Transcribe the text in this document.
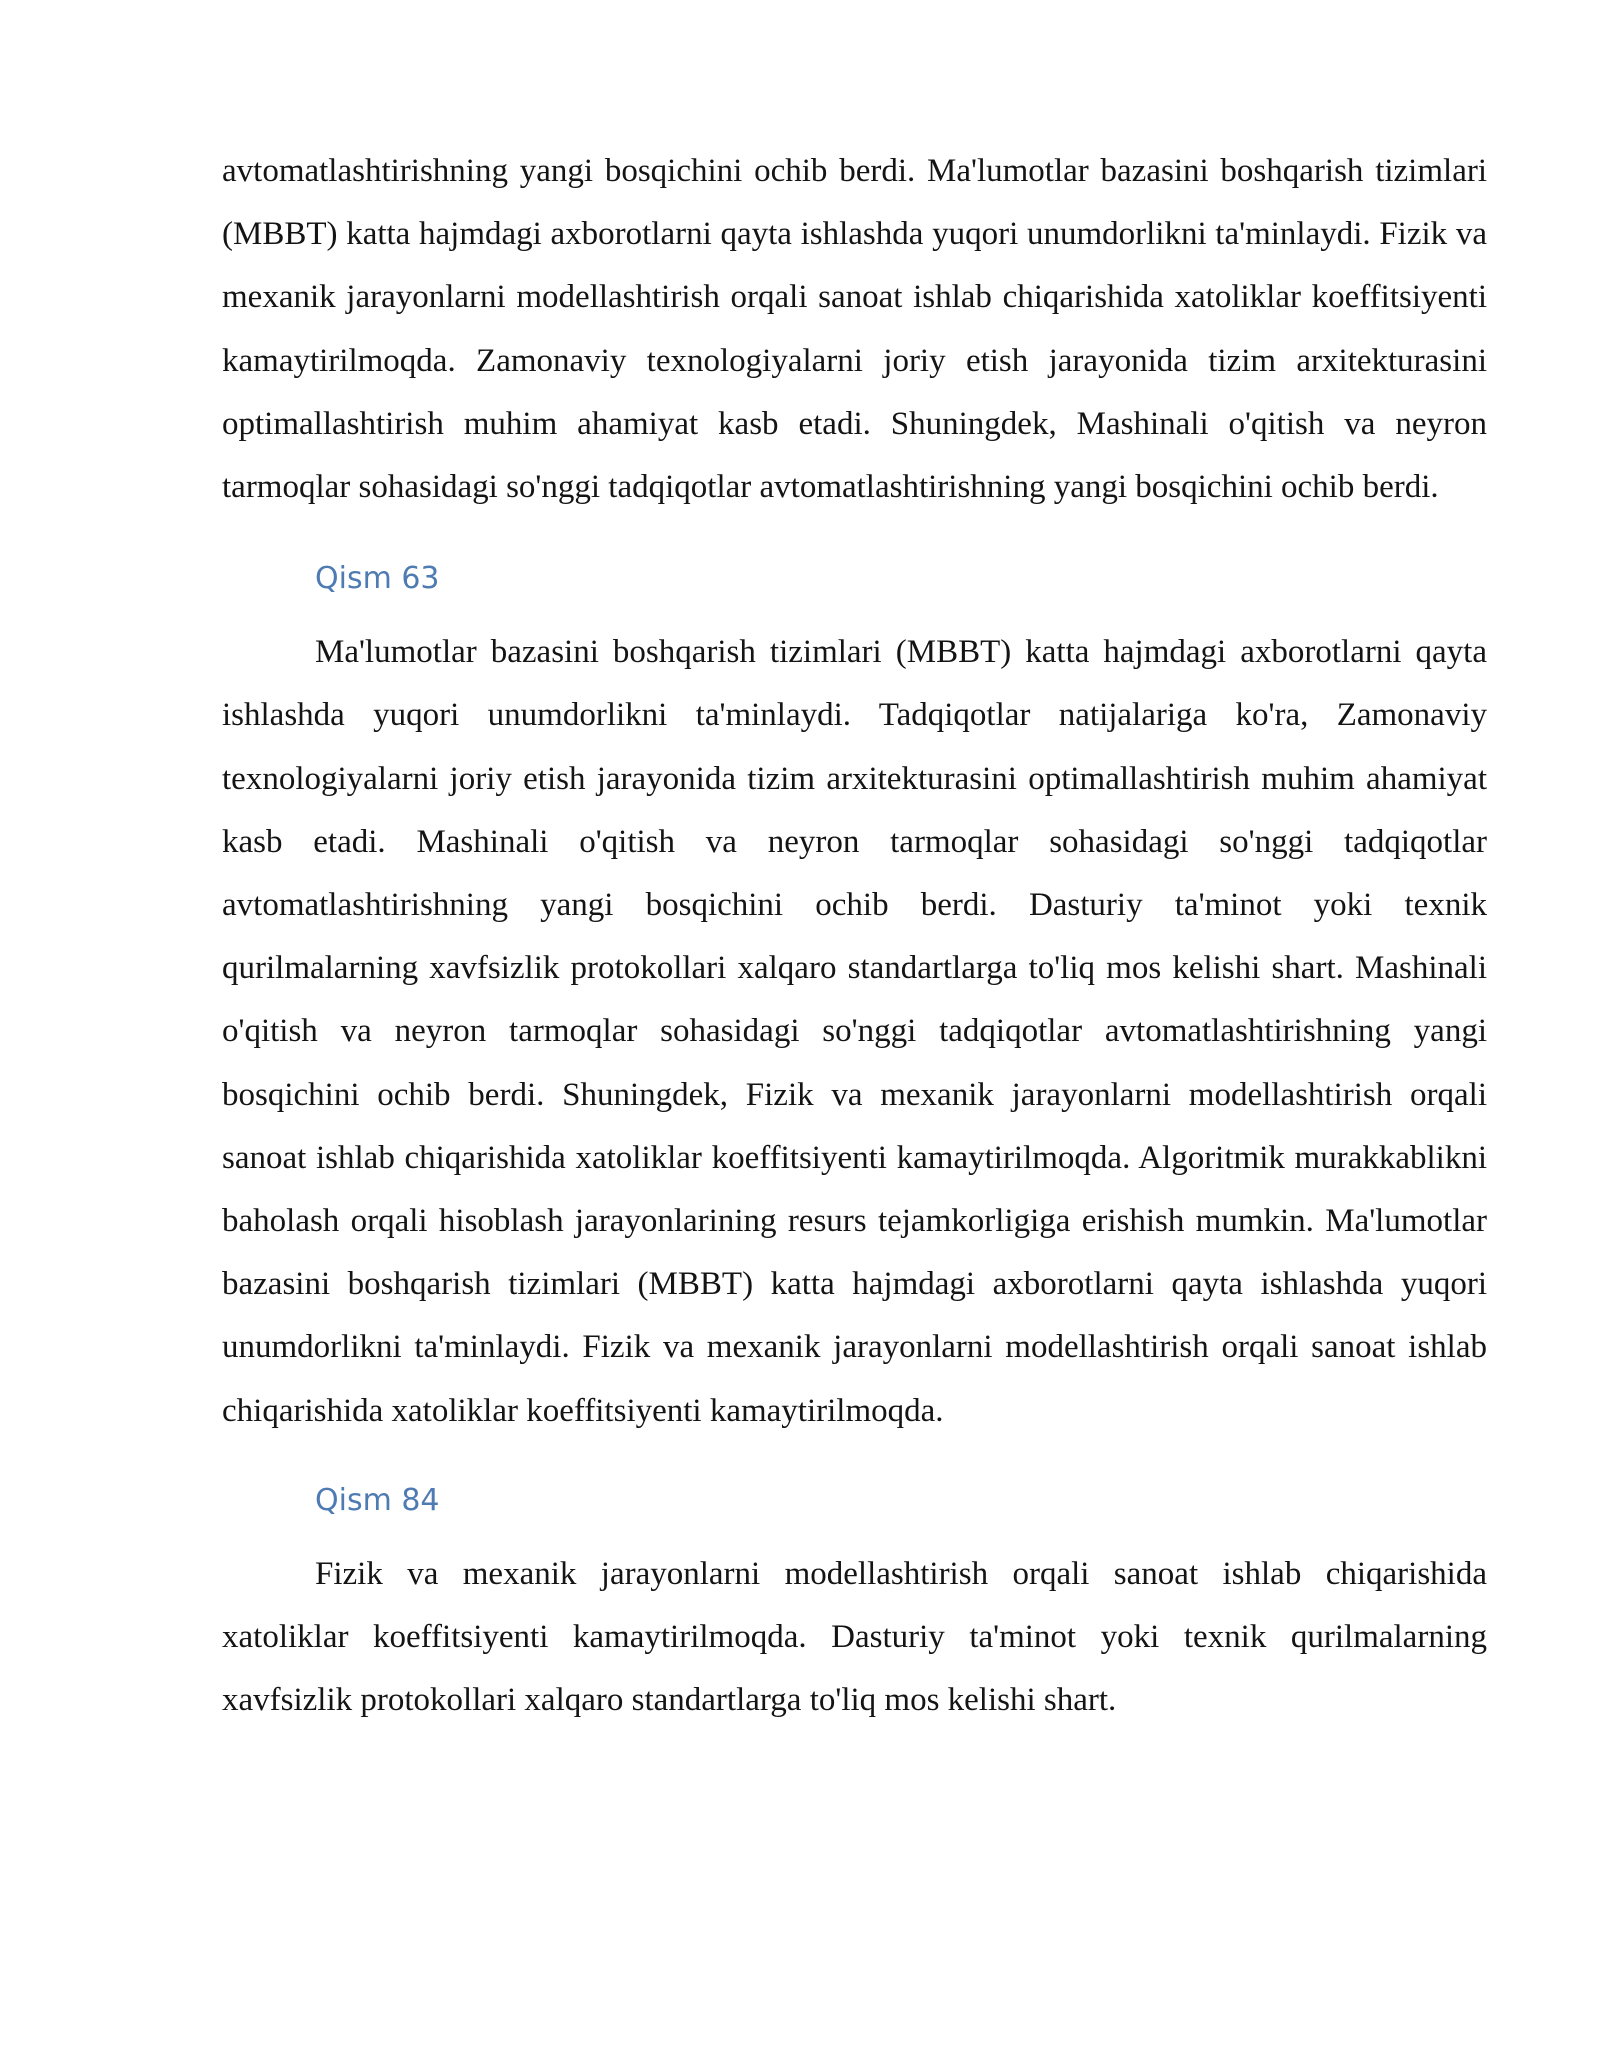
avtomatlashtirishning yangi bosqichini ochib berdi. Ma'lumotlar bazasini boshqarish tizimlari (MBBT) katta hajmdagi axborotlarni qayta ishlashda yuqori unumdorlikni ta'minlaydi. Fizik va mexanik jarayonlarni modellashtirish orqali sanoat ishlab chiqarishida xatoliklar koeffitsiyenti kamaytirilmoqda. Zamonaviy texnologiyalarni joriy etish jarayonida tizim arxitekturasini optimallashtirish muhim ahamiyat kasb etadi. Shuningdek, Mashinali o'qitish va neyron tarmoqlar sohasidagi so'nggi tadqiqotlar avtomatlashtirishning yangi bosqichini ochib berdi.

Qism 63

Ma'lumotlar bazasini boshqarish tizimlari (MBBT) katta hajmdagi axborotlarni qayta ishlashda yuqori unumdorlikni ta'minlaydi. Tadqiqotlar natijalariga ko'ra, Zamonaviy texnologiyalarni joriy etish jarayonida tizim arxitekturasini optimallashtirish muhim ahamiyat kasb etadi. Mashinali o'qitish va neyron tarmoqlar sohasidagi so'nggi tadqiqotlar avtomatlashtirishning yangi bosqichini ochib berdi. Dasturiy ta'minot yoki texnik qurilmalarning xavfsizlik protokollari xalqaro standartlarga to'liq mos kelishi shart. Mashinali o'qitish va neyron tarmoqlar sohasidagi so'nggi tadqiqotlar avtomatlashtirishning yangi bosqichini ochib berdi. Shuningdek, Fizik va mexanik jarayonlarni modellashtirish orqali sanoat ishlab chiqarishida xatoliklar koeffitsiyenti kamaytirilmoqda. Algoritmik murakkablikni baholash orqali hisoblash jarayonlarining resurs tejamkorligiga erishish mumkin. Ma'lumotlar bazasini boshqarish tizimlari (MBBT) katta hajmdagi axborotlarni qayta ishlashda yuqori unumdorlikni ta'minlaydi. Fizik va mexanik jarayonlarni modellashtirish orqali sanoat ishlab chiqarishida xatoliklar koeffitsiyenti kamaytirilmoqda.

Qism 84

Fizik va mexanik jarayonlarni modellashtirish orqali sanoat ishlab chiqarishida xatoliklar koeffitsiyenti kamaytirilmoqda. Dasturiy ta'minot yoki texnik qurilmalarning xavfsizlik protokollari xalqaro standartlarga to'liq mos kelishi shart.
